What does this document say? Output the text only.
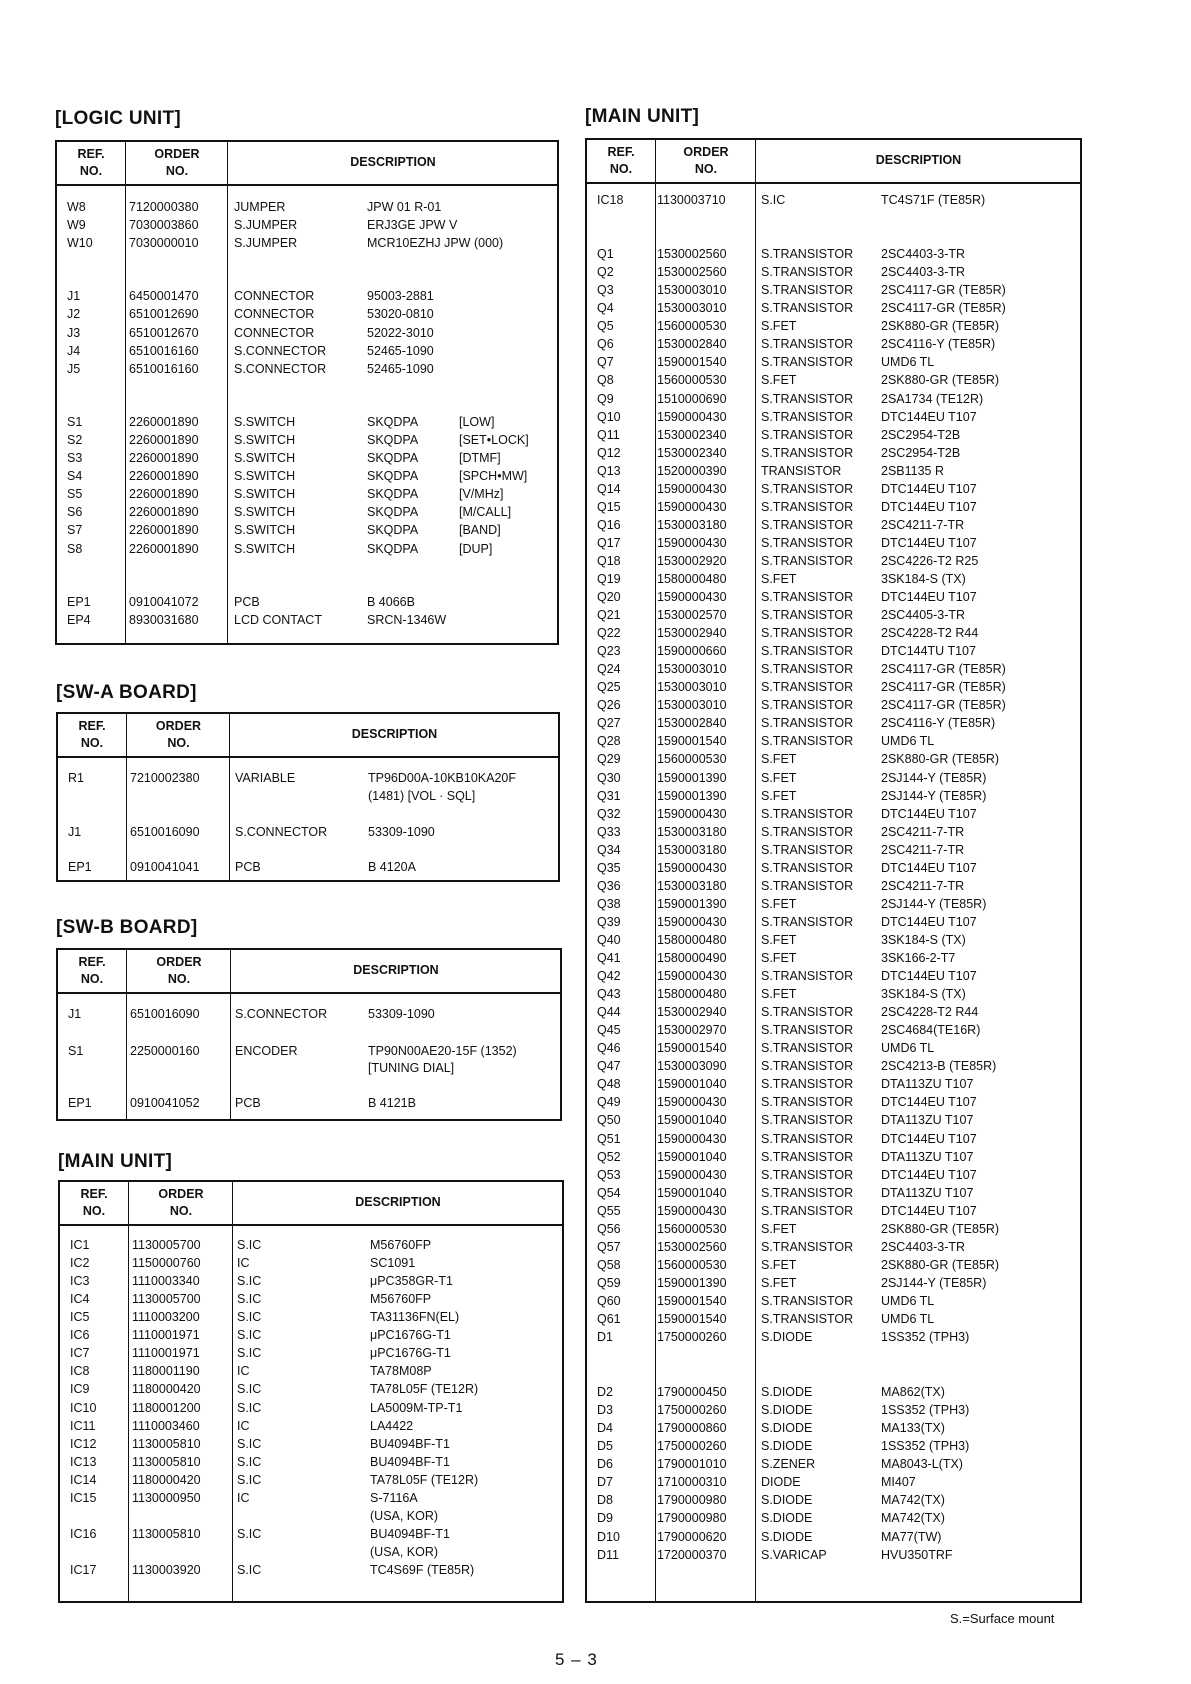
[LOGIC UNIT]
REF.
NO.
ORDER
NO.
DESCRIPTION
W8	7120000380	JUMPER	JPW 01 R-01
W9	7030003860	S.JUMPER	ERJ3GE JPW V
W10	7030000010	S.JUMPER	MCR10EZHJ JPW (000)
J1	6450001470	CONNECTOR	95003-2881
J2	6510012690	CONNECTOR	53020-0810
J3	6510012670	CONNECTOR	52022-3010
J4	6510016160	S.CONNECTOR	52465-1090
J5	6510016160	S.CONNECTOR	52465-1090
S1	2260001890	S.SWITCH	SKQDPA	[LOW]
S2	2260001890	S.SWITCH	SKQDPA	[SET•LOCK]
S3	2260001890	S.SWITCH	SKQDPA	[DTMF]
S4	2260001890	S.SWITCH	SKQDPA	[SPCH•MW]
S5	2260001890	S.SWITCH	SKQDPA	[V/MHz]
S6	2260001890	S.SWITCH	SKQDPA	[M/CALL]
S7	2260001890	S.SWITCH	SKQDPA	[BAND]
S8	2260001890	S.SWITCH	SKQDPA	[DUP]
EP1	0910041072	PCB	B 4066B
EP4	8930031680	LCD CONTACT	SRCN-1346W
[SW-A BOARD]
REF.
NO.
ORDER
NO.
DESCRIPTION
R1	7210002380	VARIABLE	TP96D00A-10KB10KA20F
(1481) [VOL · SQL]
J1	6510016090	S.CONNECTOR	53309-1090
EP1	0910041041	PCB	B 4120A
[SW-B BOARD]
REF.
NO.
ORDER
NO.
DESCRIPTION
J1	6510016090	S.CONNECTOR	53309-1090
S1	2250000160	ENCODER	TP90N00AE20-15F (1352)
[TUNING DIAL]
EP1	0910041052	PCB	B 4121B
[MAIN UNIT]
REF.
NO.
ORDER
NO.
DESCRIPTION
IC1	1130005700	S.IC	M56760FP
IC2	1150000760	IC	SC1091
IC3	1110003340	S.IC	μPC358GR-T1
IC4	1130005700	S.IC	M56760FP
IC5	1110003200	S.IC	TA31136FN(EL)
IC6	1110001971	S.IC	μPC1676G-T1
IC7	1110001971	S.IC	μPC1676G-T1
IC8	1180001190	IC	TA78M08P
IC9	1180000420	S.IC	TA78L05F (TE12R)
IC10	1180001200	S.IC	LA5009M-TP-T1
IC11	1110003460	IC	LA4422
IC12	1130005810	S.IC	BU4094BF-T1
IC13	1130005810	S.IC	BU4094BF-T1
IC14	1180000420	S.IC	TA78L05F (TE12R)
IC15	1130000950	IC	S-7116A
(USA, KOR)
IC16	1130005810	S.IC	BU4094BF-T1
(USA, KOR)
IC17	1130003920	S.IC	TC4S69F (TE85R)
[MAIN UNIT]
REF.
NO.
ORDER
NO.
DESCRIPTION
IC18	1130003710	S.IC	TC4S71F (TE85R)
Q1	1530002560	S.TRANSISTOR 2SC4403-3-TR
Q2	1530002560	S.TRANSISTOR 2SC4403-3-TR
Q3	1530003010	S.TRANSISTOR 2SC4117-GR (TE85R)
Q4	1530003010	S.TRANSISTOR 2SC4117-GR (TE85R)
Q5	1560000530	S.FET	2SK880-GR (TE85R)
Q6	1530002840	S.TRANSISTOR 2SC4116-Y (TE85R)
Q7	1590001540	S.TRANSISTOR UMD6 TL
Q8	1560000530	S.FET	2SK880-GR (TE85R)
Q9	1510000690	S.TRANSISTOR 2SA1734 (TE12R)
Q10	1590000430	S.TRANSISTOR DTC144EU T107
Q11	1530002340	S.TRANSISTOR 2SC2954-T2B
Q12	1530002340	S.TRANSISTOR 2SC2954-T2B
Q13	1520000390	TRANSISTOR	2SB1135 R
Q14	1590000430	S.TRANSISTOR DTC144EU T107
Q15	1590000430	S.TRANSISTOR DTC144EU T107
Q16	1530003180	S.TRANSISTOR 2SC4211-7-TR
Q17	1590000430	S.TRANSISTOR DTC144EU T107
Q18	1530002920	S.TRANSISTOR 2SC4226-T2 R25
Q19	1580000480	S.FET	3SK184-S (TX)
Q20	1590000430	S.TRANSISTOR DTC144EU T107
Q21	1530002570	S.TRANSISTOR 2SC4405-3-TR
Q22	1530002940	S.TRANSISTOR 2SC4228-T2 R44
Q23	1590000660	S.TRANSISTOR DTC144TU T107
Q24	1530003010	S.TRANSISTOR 2SC4117-GR (TE85R)
Q25	1530003010	S.TRANSISTOR 2SC4117-GR (TE85R)
Q26	1530003010	S.TRANSISTOR 2SC4117-GR (TE85R)
Q27	1530002840	S.TRANSISTOR 2SC4116-Y (TE85R)
Q28	1590001540	S.TRANSISTOR UMD6 TL
Q29	1560000530	S.FET	2SK880-GR (TE85R)
Q30	1590001390	S.FET	2SJ144-Y (TE85R)
Q31	1590001390	S.FET	2SJ144-Y (TE85R)
Q32	1590000430	S.TRANSISTOR DTC144EU T107
Q33	1530003180	S.TRANSISTOR 2SC4211-7-TR
Q34	1530003180	S.TRANSISTOR 2SC4211-7-TR
Q35	1590000430	S.TRANSISTOR DTC144EU T107
Q36	1530003180	S.TRANSISTOR 2SC4211-7-TR
Q38	1590001390	S.FET	2SJ144-Y (TE85R)
Q39	1590000430	S.TRANSISTOR DTC144EU T107
Q40	1580000480	S.FET	3SK184-S (TX)
Q41	1580000490	S.FET	3SK166-2-T7
Q42	1590000430	S.TRANSISTOR DTC144EU T107
Q43	1580000480	S.FET	3SK184-S (TX)
Q44	1530002940	S.TRANSISTOR 2SC4228-T2 R44
Q45	1530002970	S.TRANSISTOR 2SC4684(TE16R)
Q46	1590001540	S.TRANSISTOR UMD6 TL
Q47	1530003090	S.TRANSISTOR 2SC4213-B (TE85R)
Q48	1590001040	S.TRANSISTOR DTA113ZU T107
Q49	1590000430	S.TRANSISTOR DTC144EU T107
Q50	1590001040	S.TRANSISTOR DTA113ZU T107
Q51	1590000430	S.TRANSISTOR DTC144EU T107
Q52	1590001040	S.TRANSISTOR DTA113ZU T107
Q53	1590000430	S.TRANSISTOR DTC144EU T107
Q54	1590001040	S.TRANSISTOR DTA113ZU T107
Q55	1590000430	S.TRANSISTOR DTC144EU T107
Q56	1560000530	S.FET	2SK880-GR (TE85R)
Q57	1530002560	S.TRANSISTOR 2SC4403-3-TR
Q58	1560000530	S.FET	2SK880-GR (TE85R)
Q59	1590001390	S.FET	2SJ144-Y (TE85R)
Q60	1590001540	S.TRANSISTOR UMD6 TL
Q61	1590001540	S.TRANSISTOR UMD6 TL
D1	1750000260	S.DIODE	1SS352 (TPH3)
D2	1790000450	S.DIODE	MA862(TX)
D3	1750000260	S.DIODE	1SS352 (TPH3)
D4	1790000860	S.DIODE	MA133(TX)
D5	1750000260	S.DIODE	1SS352 (TPH3)
D6	1790001010	S.ZENER	MA8043-L(TX)
D7	1710000310	DIODE	MI407
D8	1790000980	S.DIODE	MA742(TX)
D9	1790000980	S.DIODE	MA742(TX)
D10	1790000620	S.DIODE	MA77(TW)
D11	1720000370	S.VARICAP	HVU350TRF
S.=Surface mount
5 – 3
